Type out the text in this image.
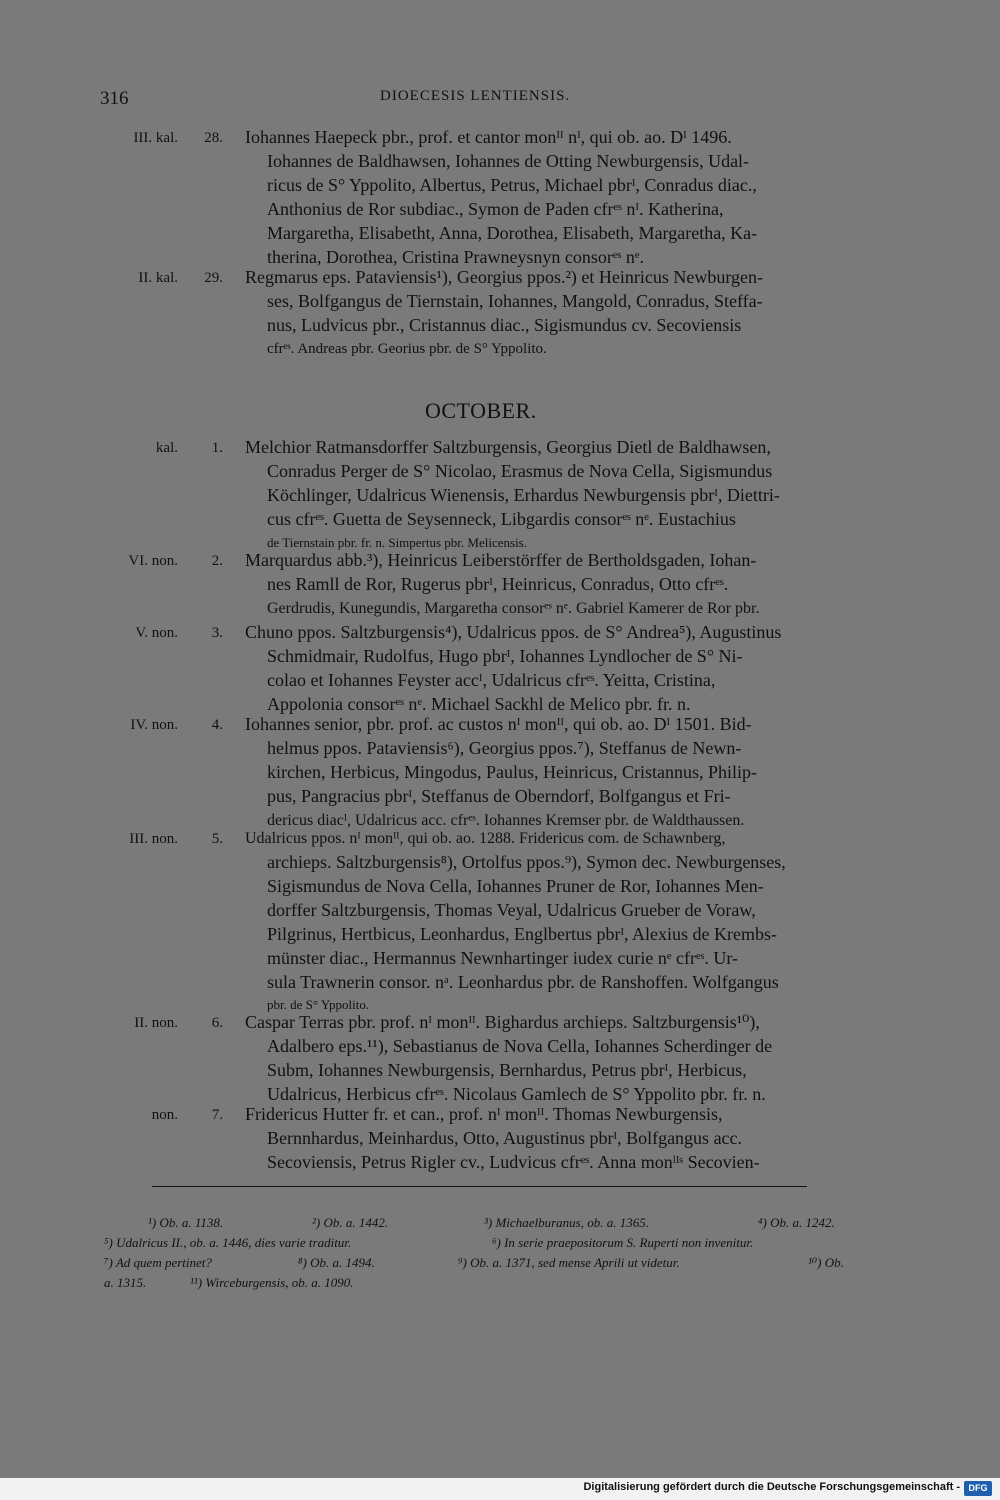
316	DIOECESIS LENTIENSIS.
III. kal. 28. Iohannes Haepeck pbr., prof. et cantor monᴵᴵ nᴵ, qui ob. ao. Dᴵ 1496.
Iohannes de Baldhawsen, Iohannes de Otting Newburgensis, Udal-
ricus de S° Yppolito, Albertus, Petrus, Michael pbrᴵ, Conradus diac.,
Anthonius de Ror subdiac., Symon de Paden cfrᵉˢ nᴵ. Katherina,
Margaretha, Elisabetht, Anna, Dorothea, Elisabeth, Margaretha, Ka-
therina, Dorothea, Cristina Prawneysnyn consorᵉˢ nᵉ.
II. kal. 29. Regmarus eps. Pataviensis¹), Georgius ppos.²) et Heinricus Newburgen-
ses, Bolfgangus de Tiernstain, Iohannes, Mangold, Conradus, Steffa-
nus, Ludvicus pbr., Cristannus diac., Sigismundus cv. Secoviensis
cfrᵉˢ. Andreas pbr. Georius pbr. de S° Yppolito.
OCTOBER.
kal. 1. Melchior Ratmansdorffer Saltzburgensis, Georgius Dietl de Baldhawsen,
Conradus Perger de S° Nicolao, Erasmus de Nova Cella, Sigismundus
Köchlinger, Udalricus Wienensis, Erhardus Newburgensis pbrᴵ, Diettri-
cus cfrᵉˢ. Guetta de Seysenneck, Libgardis consorᵉˢ nᵉ. Eustachius
de Tiernstain pbr. fr. n. Simpertus pbr. Melicensis.
VI. non. 2. Marquardus abb.³), Heinricus Leiberstörffer de Bertholdsgaden, Iohan-
nes Ramll de Ror, Rugerus pbrᴵ, Heinricus, Conradus, Otto cfrᵉˢ.
Gerdrudis, Kunegundis, Margaretha consorᵉˢ nᵉ. Gabriel Kamerer de Ror pbr.
V. non. 3. Chuno ppos. Saltzburgensis⁴), Udalricus ppos. de S° Andrea⁵), Augustinus
Schmidmair, Rudolfus, Hugo pbrᴵ, Iohannes Lyndlocher de S° Ni-
colao et Iohannes Feyster accᴵ, Udalricus cfrᵉˢ. Yeitta, Cristina,
Appolonia consorᵉˢ nᵉ. Michael Sackhl de Melico pbr. fr. n.
IV. non. 4. Iohannes senior, pbr. prof. ac custos nᴵ monᴵᴵ, qui ob. ao. Dᴵ 1501. Bid-
helmus ppos. Pataviensis⁶), Georgius ppos.⁷), Steffanus de Newn-
kirchen, Herbicus, Mingodus, Paulus, Heinricus, Cristannus, Philip-
pus, Pangracius pbrᴵ, Steffanus de Oberndorf, Bolfgangus et Fri-
dericus diacᴵ, Udalricus acc. cfrᵉˢ. Iohannes Kremser pbr. de Waldthaussen.
III. non. 5. Udalricus ppos. nᴵ monᴵᴵ, qui ob. ao. 1288. Fridericus com. de Schawnberg,
archieps. Saltzburgensis⁸), Ortolfus ppos.⁹), Symon dec. Newburgenses,
Sigismundus de Nova Cella, Iohannes Pruner de Ror, Iohannes Men-
dorffer Saltzburgensis, Thomas Veyal, Udalricus Grueber de Voraw,
Pilgrinus, Hertbicus, Leonhardus, Englbertus pbrᴵ, Alexius de Krembs-
münster diac., Hermannus Newnhartinger iudex curie nᵉ cfrᵉˢ. Ur-
sula Trawnerin consor. nᵃ. Leonhardus pbr. de Ranshoffen. Wolfgangus
pbr. de S° Yppolito.
II. non. 6. Caspar Terras pbr. prof. nᴵ monᴵᴵ. Bighardus archieps. Saltzburgensis¹⁰),
Adalbero eps.¹¹), Sebastianus de Nova Cella, Iohannes Scherdinger de
Subm, Iohannes Newburgensis, Bernhardus, Petrus pbrᴵ, Herbicus,
Udalricus, Herbicus cfrᵉˢ. Nicolaus Gamlech de S° Yppolito pbr. fr. n.
non. 7. Fridericus Hutter fr. et can., prof. nᴵ monᴵᴵ. Thomas Newburgensis,
Bernnhardus, Meinhardus, Otto, Augustinus pbrᴵ, Bolfgangus acc.
Secoviensis, Petrus Rigler cv., Ludvicus cfrᵉˢ. Anna monˡᴵˢ Secovien-
¹) Ob. a. 1138.	²) Ob. a. 1442.	³) Michaelburanus, ob. a. 1365.	⁴) Ob. a. 1242.
⁵) Udalricus II., ob. a. 1446, dies varie traditur.	⁶) In serie praepositorum S. Ruperti non invenitur.
⁷) Ad quem pertinet?	⁸) Ob. a. 1494.	⁹) Ob. a. 1371, sed mense Aprili ut videtur.	¹⁰) Ob.
a. 1315.	¹¹) Wirceburgensis, ob. a. 1090.
Digitalisierung gefördert durch die Deutsche Forschungsgemeinschaft - DFG
